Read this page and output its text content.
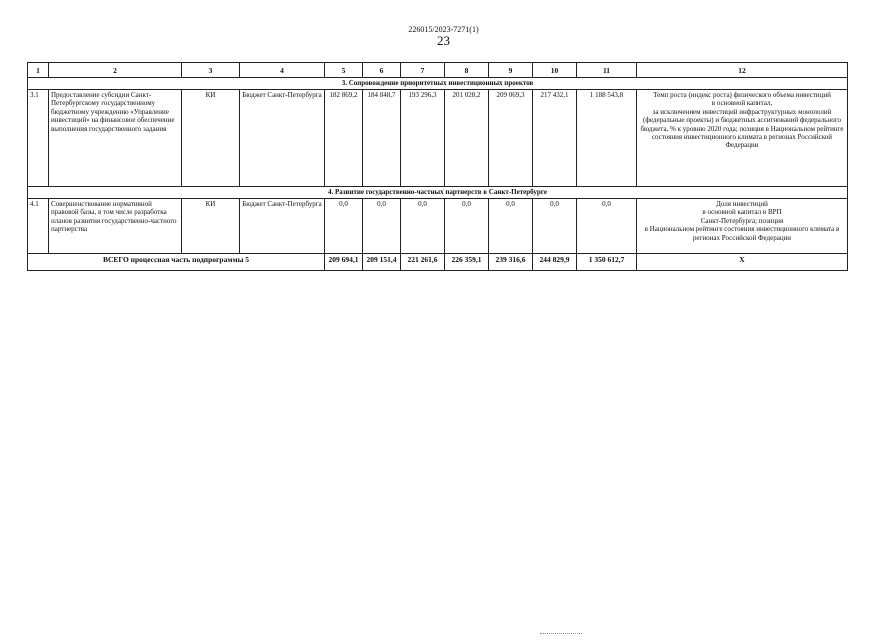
226015/2023-7271(1)
23
1	2	3	4	5	6	7	8	9	10	11	12
3. Сопровождение приоритетных инвестиционных проектов											
3.1	Предоставление субсидии Санкт-Петербургскому государственному бюджетному учреждению «Управление инвестиций» на финансовое обеспечение выполнения государственного задания	КИ	Бюджет Санкт-Петербурга	182 869,2	184 848,7	193 296,3	201 028,2	209 069,3	217 432,1	1 188 543,8	Темп роста (индекс роста) физического объема инвестиций
в основной капитал,
за исключением инвестиций инфраструктурных монополий (федеральные проекты) и бюджетных ассигнований федерального бюджета, % к уровню 2020 года; позиция в Национальном рейтинге состояния инвестиционного климата в регионах Российской Федерации

4. Развитие государственно-частных партнерств в Санкт-Петербурге											
4.1	Совершенствование нормативной правовой базы, в том числе разработка планов развития государственно-частного партнерства	КИ	Бюджет Санкт-Петербурга	0,0	0,0	0,0	0,0	0,0	0,0	0,0	Доля инвестиций
в основной капитал в ВРП
Санкт-Петербурга; позиция
в Национальном рейтинге состояния инвестиционного климата в регионах Российской Федерации

ВСЕГО процессная часть подпрограммы 5				209 694,1	209 151,4	221 261,6	226 359,1	239 316,6	244 829,9	1 350 612,7	Х
